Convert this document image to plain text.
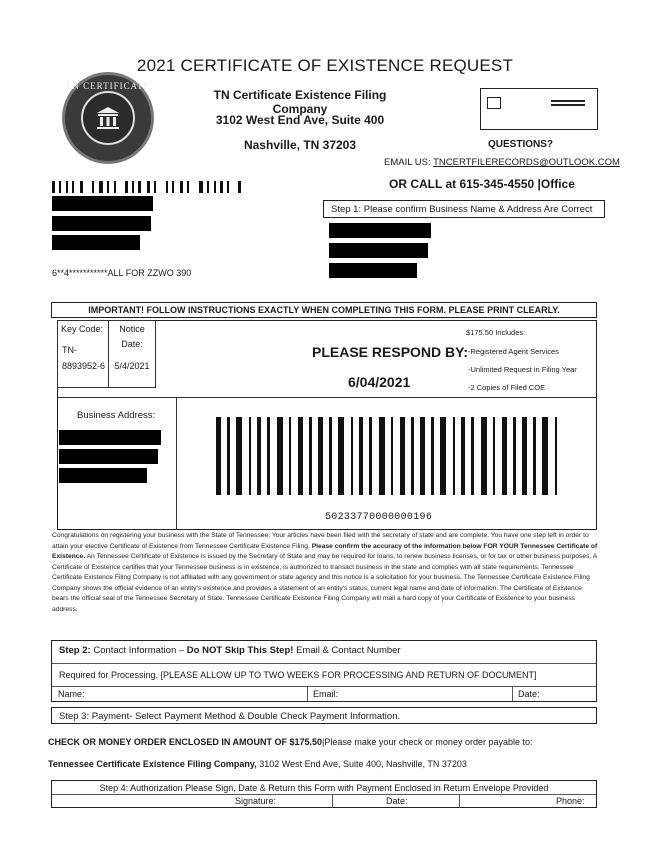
2021 CERTIFICATE OF EXISTENCE REQUEST
TN CERTIFICATE
TN Certificate Existence Filing Company
3102 West End Ave, Suite 400
Nashville, TN 37203	QUESTIONS?
EMAIL US: TNCERTFILERECORDS@OUTLOOK.COM
OR CALL at 615-345-4550 |Office
Step 1: Please confirm Business Name & Address Are Correct
6**4***********ALL FOR ZZWO 390
IMPORTANT! FOLLOW INSTRUCTIONS EXACTLY WHEN COMPLETING THIS FORM. PLEASE PRINT CLEARLY.
Key Code:
TN-
8893952-6
Notice
Date:
5/4/2021
PLEASE RESPOND BY:
6/04/2021
$175.50 Includes:
-Registered Agent Services
-Unlimited Request in Filing Year
-2 Copies of Filed COE
Business Address:
50233770000000196
Congratulations on registering your business with the State of Tennessee. Your articles have been filed with the secretary of state and are complete. You have one step left in order to attain your elective Certificate of Existence from Tennessee Certificate Existence Filing. Please confirm the accuracy of the information below FOR YOUR Tennessee Certificate of Existence. An Tennessee Certificate of Existence is issued by the Secretary of State and may be required for loans, to renew business licenses, or for tax or other business purposes. A Certificate of Existence certifies that your Tennessee business is in existence, is authorized to transact business in the state and complies with all state requirements. Tennessee Certificate Existence Filing Company is not affiliated with any government or state agency and this notice is a solicitation for your business. The Tennessee Certificate Existence Filing Company shows the official evidence of an entity's existence and provides a statement of an entity's status, current legal name and date of information. The Certificate of Existence bears the official seal of the Tennessee Secretary of State. Tennessee Certificate Existence Filing Company will mail a hard copy of your Certificate of Existence to your business address.
Step 2: Contact Information – Do NOT Skip This Step! Email & Contact Number
Required for Processing. [PLEASE ALLOW UP TO TWO WEEKS FOR PROCESSING AND RETURN OF DOCUMENT]
Name:	Email:	Date:
Step 3: Payment- Select Payment Method & Double Check Payment Information.
CHECK OR MONEY ORDER ENCLOSED IN AMOUNT OF $175.50|Please make your check or money order payable to:
Tennessee Certificate Existence Filing Company, 3102 West End Ave, Suite 400, Nashville, TN 37203
Step 4: Authorization Please Sign, Date & Return this Form with Payment Enclosed in Return Envelope Provided
Signature:	Date:	Phone:
